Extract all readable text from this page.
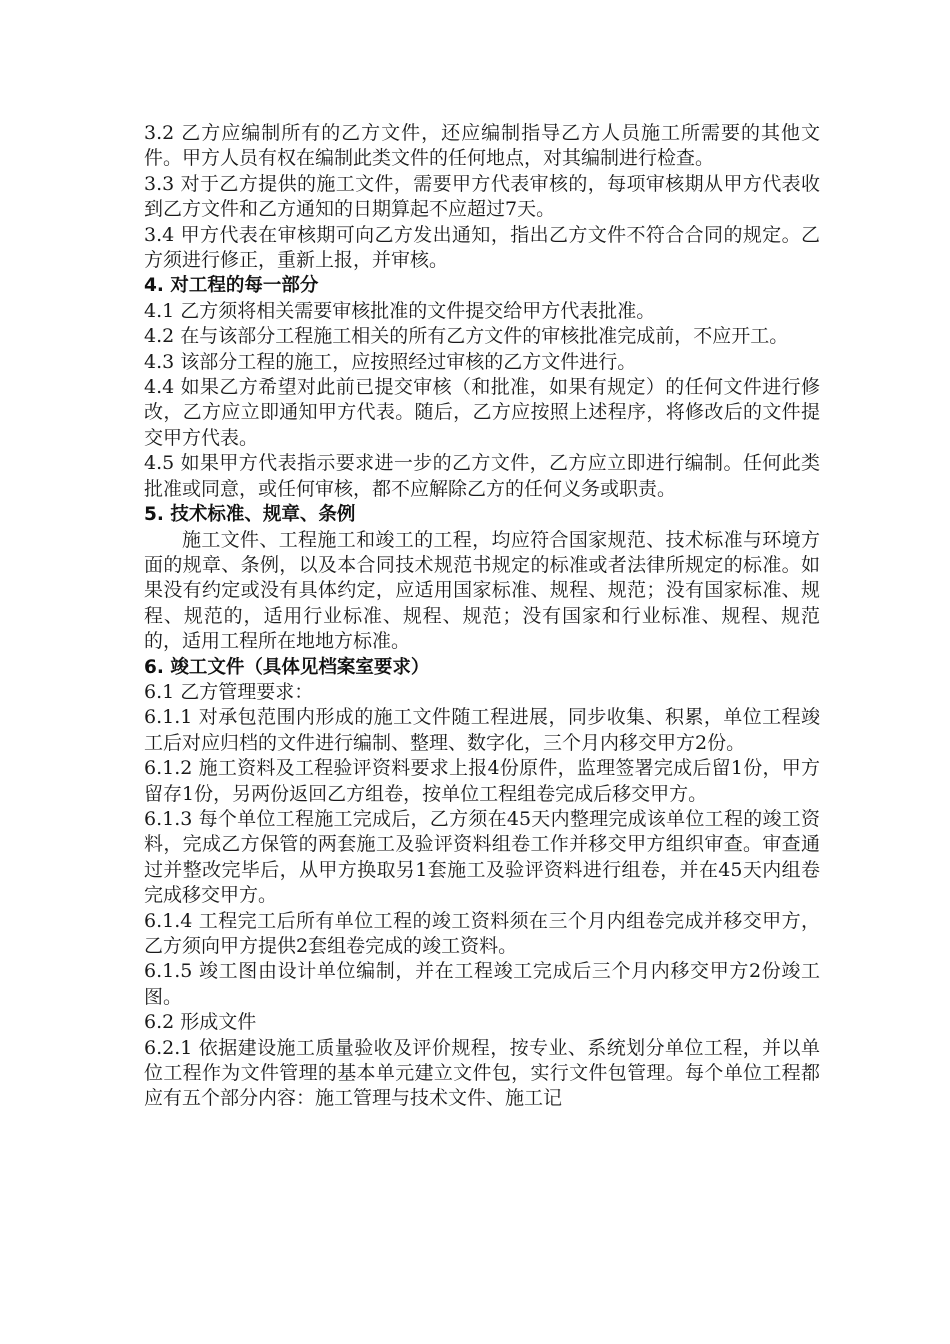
3.2 乙方应编制所有的乙方文件，还应编制指导乙方人员施工所需要的其他文件。甲方人员有权在编制此类文件的任何地点，对其编制进行检查。

3.3 对于乙方提供的施工文件，需要甲方代表审核的，每项审核期从甲方代表收到乙方文件和乙方通知的日期算起不应超过7天。

3.4 甲方代表在审核期可向乙方发出通知，指出乙方文件不符合合同的规定。乙方须进行修正，重新上报，并审核。

4. 对工程的每一部分

4.1 乙方须将相关需要审核批准的文件提交给甲方代表批准。

4.2 在与该部分工程施工相关的所有乙方文件的审核批准完成前，不应开工。

4.3 该部分工程的施工，应按照经过审核的乙方文件进行。

4.4 如果乙方希望对此前已提交审核（和批准，如果有规定）的任何文件进行修改，乙方应立即通知甲方代表。随后，乙方应按照上述程序，将修改后的文件提交甲方代表。

4.5 如果甲方代表指示要求进一步的乙方文件，乙方应立即进行编制。任何此类批准或同意，或任何审核，都不应解除乙方的任何义务或职责。

5. 技术标准、规章、条例

施工文件、工程施工和竣工的工程，均应符合国家规范、技术标准与环境方面的规章、条例，以及本合同技术规范书规定的标准或者法律所规定的标准。如果没有约定或没有具体约定，应适用国家标准、规程、规范；没有国家标准、规程、规范的，适用行业标准、规程、规范；没有国家和行业标准、规程、规范的，适用工程所在地地方标准。

6. 竣工文件（具体见档案室要求）

6.1 乙方管理要求：

6.1.1 对承包范围内形成的施工文件随工程进展，同步收集、积累，单位工程竣工后对应归档的文件进行编制、整理、数字化，三个月内移交甲方2份。

6.1.2 施工资料及工程验评资料要求上报4份原件，监理签署完成后留1份，甲方留存1份，另两份返回乙方组卷，按单位工程组卷完成后移交甲方。

6.1.3 每个单位工程施工完成后，乙方须在45天内整理完成该单位工程的竣工资料，完成乙方保管的两套施工及验评资料组卷工作并移交甲方组织审查。审查通过并整改完毕后，从甲方换取另1套施工及验评资料进行组卷，并在45天内组卷完成移交甲方。

6.1.4 工程完工后所有单位工程的竣工资料须在三个月内组卷完成并移交甲方，乙方须向甲方提供2套组卷完成的竣工资料。

6.1.5 竣工图由设计单位编制，并在工程竣工完成后三个月内移交甲方2份竣工图。

6.2 形成文件

6.2.1 依据建设施工质量验收及评价规程，按专业、系统划分单位工程，并以单位工程作为文件管理的基本单元建立文件包，实行文件包管理。每个单位工程都应有五个部分内容：施工管理与技术文件、施工记
